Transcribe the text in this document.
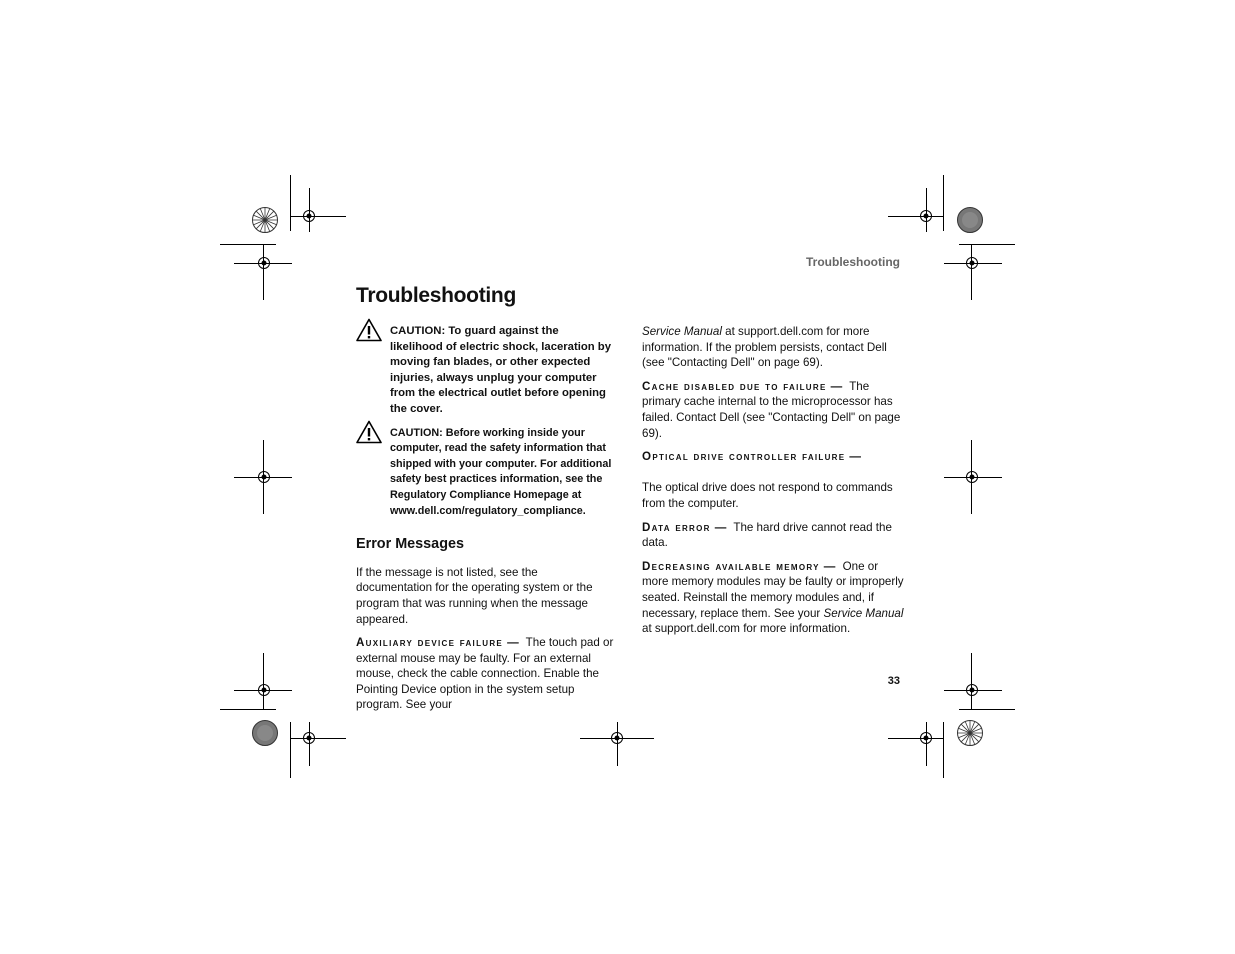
Troubleshooting
Troubleshooting
CAUTION: To guard against the likelihood of electric shock, laceration by moving fan blades, or other expected injuries, always unplug your computer from the electrical outlet before opening the cover.
CAUTION: Before working inside your computer, read the safety information that shipped with your computer. For additional safety best practices information, see the Regulatory Compliance Homepage at www.dell.com/regulatory_compliance.
Error Messages

If the message is not listed, see the documentation for the operating system or the program that was running when the message appeared.

Auxiliary device failure — The touch pad or external mouse may be faulty. For an external mouse, check the cable connection. Enable the Pointing Device option in the system setup program. See your

Service Manual at support.dell.com for more information. If the problem persists, contact Dell (see "Contacting Dell" on page 69).

Cache disabled due to failure — The primary cache internal to the microprocessor has failed. Contact Dell (see "Contacting Dell" on page 69).

Optical drive controller failure —

The optical drive does not respond to commands from the computer.

Data error — The hard drive cannot read the data.

Decreasing available memory — One or more memory modules may be faulty or improperly seated. Reinstall the memory modules and, if necessary, replace them. See your Service Manual at support.dell.com for more information.

33
